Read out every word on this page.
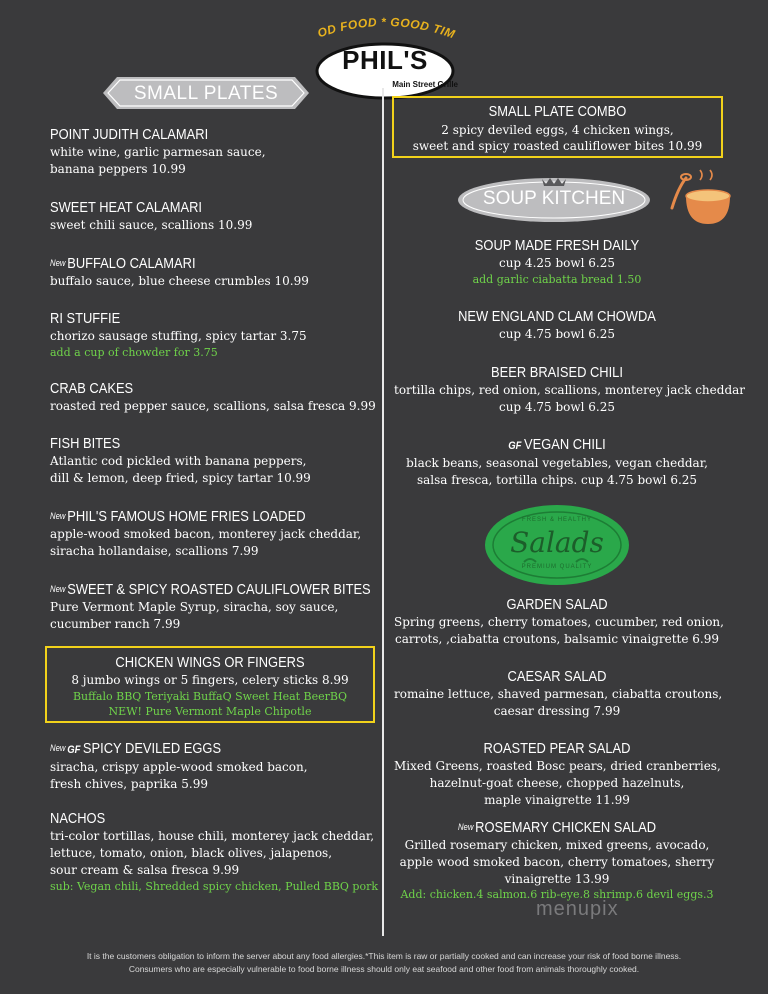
OD FOOD * GOOD TIM
PHIL'S
Main Street Grille
SMALL PLATES
POINT JUDITH CALAMARI
white wine, garlic parmesan sauce,
banana peppers 10.99
SWEET HEAT CALAMARI
sweet chili sauce, scallions 10.99
New BUFFALO CALAMARI
buffalo sauce, blue cheese crumbles 10.99
RI STUFFIE
chorizo sausage stuffing, spicy tartar 3.75
add a cup of chowder for 3.75
CRAB CAKES
roasted red pepper sauce, scallions, salsa fresca 9.99
FISH BITES
Atlantic cod pickled with banana peppers,
dill & lemon, deep fried, spicy tartar 10.99
New PHIL'S FAMOUS HOME FRIES LOADED
apple-wood smoked bacon, monterey jack cheddar,
siracha hollandaise, scallions 7.99
New SWEET & SPICY ROASTED CAULIFLOWER BITES
Pure Vermont Maple Syrup, siracha, soy sauce,
cucumber ranch 7.99
CHICKEN WINGS OR FINGERS
8 jumbo wings or 5 fingers, celery sticks 8.99
Buffalo BBQ Teriyaki BuffaQ Sweet Heat BeerBQ
NEW! Pure Vermont Maple Chipotle
New GF SPICY DEVILED EGGS
siracha, crispy apple-wood smoked bacon,
fresh chives, paprika 5.99
NACHOS
tri-color tortillas, house chili, monterey jack cheddar,
lettuce, tomato, onion, black olives, jalapenos,
sour cream & salsa fresca 9.99
sub: Vegan chili, Shredded spicy chicken, Pulled BBQ pork
SMALL PLATE COMBO
2 spicy deviled eggs, 4 chicken wings,
sweet and spicy roasted cauliflower bites 10.99
SOUP KITCHEN
SOUP MADE FRESH DAILY
cup 4.25 bowl 6.25
add garlic ciabatta bread 1.50
NEW ENGLAND CLAM CHOWDA
cup 4.75 bowl 6.25
BEER BRAISED CHILI
tortilla chips, red onion, scallions, monterey jack cheddar
cup 4.75 bowl 6.25
GF VEGAN CHILI
black beans, seasonal vegetables, vegan cheddar,
salsa fresca, tortilla chips. cup 4.75 bowl 6.25
FRESH & HEALTHY
Salads
PREMIUM QUALITY
GARDEN SALAD
Spring greens, cherry tomatoes, cucumber, red onion,
carrots, ,ciabatta croutons, balsamic vinaigrette 6.99
CAESAR SALAD
romaine lettuce, shaved parmesan, ciabatta croutons,
caesar dressing 7.99
ROASTED PEAR SALAD
Mixed Greens, roasted Bosc pears, dried cranberries,
hazelnut-goat cheese, chopped hazelnuts,
maple vinaigrette 11.99
New ROSEMARY CHICKEN SALAD
Grilled rosemary chicken, mixed greens, avocado,
apple wood smoked bacon, cherry tomatoes, sherry
vinaigrette 13.99
Add: chicken.4 salmon.6 rib-eye.8 shrimp.6 devil eggs.3
menupix
It is the customers obligation to inform the server about any food allergies.*This item is raw or partially cooked and can increase your risk of food borne illness.
Consumers who are especially vulnerable to food borne illness should only eat seafood and other food from animals thoroughly cooked.
